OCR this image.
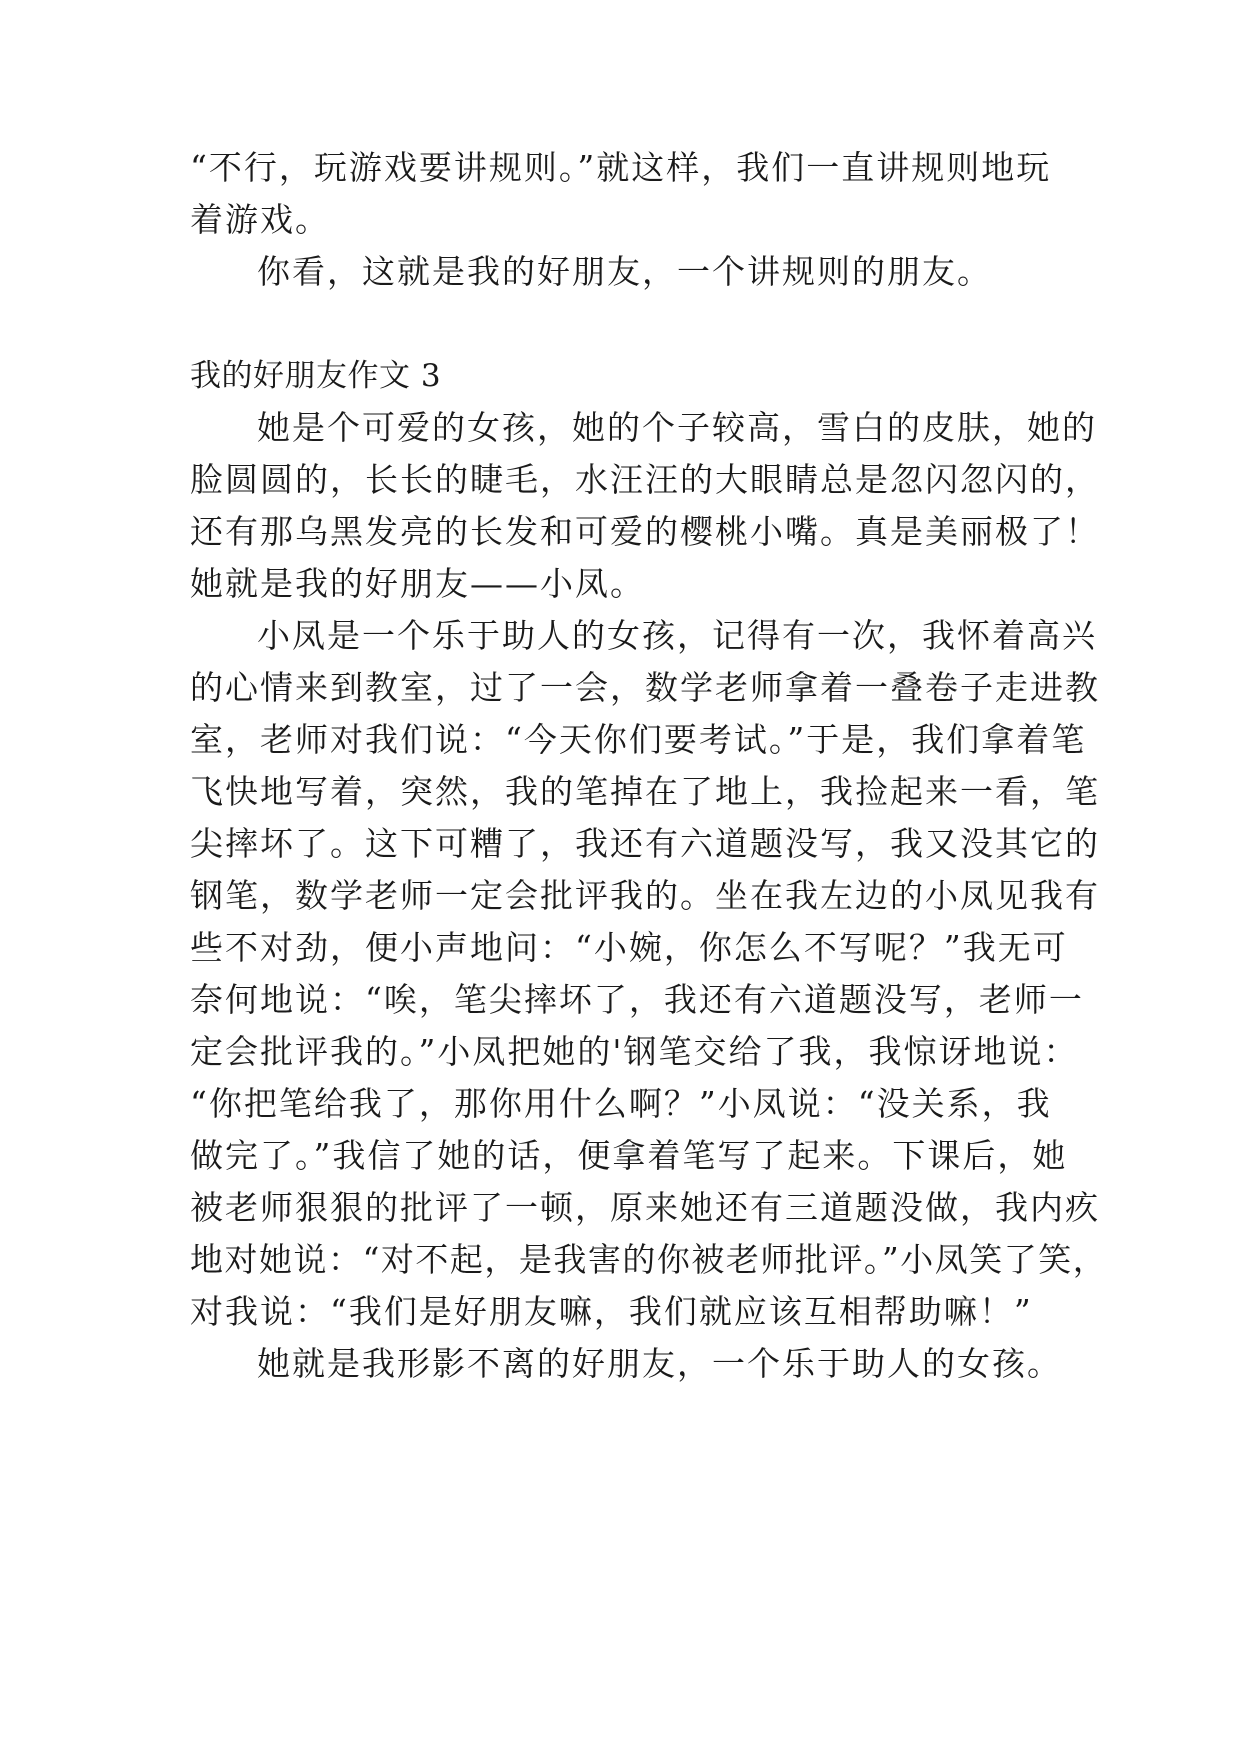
“不行，玩游戏要讲规则。”就这样，我们一直讲规则地玩
着游戏。
你看，这就是我的好朋友，一个讲规则的朋友。
我的好朋友作文 3
她是个可爱的女孩，她的个子较高，雪白的皮肤，她的
脸圆圆的，长长的睫毛，水汪汪的大眼睛总是忽闪忽闪的，
还有那乌黑发亮的长发和可爱的樱桃小嘴。真是美丽极了！
她就是我的好朋友——小凤。
小凤是一个乐于助人的女孩，记得有一次，我怀着高兴
的心情来到教室，过了一会，数学老师拿着一叠卷子走进教
室，老师对我们说：“今天你们要考试。”于是，我们拿着笔
飞快地写着，突然，我的笔掉在了地上，我捡起来一看，笔
尖摔坏了。这下可糟了，我还有六道题没写，我又没其它的
钢笔，数学老师一定会批评我的。坐在我左边的小凤见我有
些不对劲，便小声地问：“小婉，你怎么不写呢？”我无可
奈何地说：“唉，笔尖摔坏了，我还有六道题没写，老师一
定会批评我的。”小凤把她的'钢笔交给了我，我惊讶地说：
“你把笔给我了，那你用什么啊？”小凤说：“没关系，我
做完了。”我信了她的话，便拿着笔写了起来。下课后，她
被老师狠狠的批评了一顿，原来她还有三道题没做，我内疚
地对她说：“对不起，是我害的你被老师批评。”小凤笑了笑，
对我说：“我们是好朋友嘛，我们就应该互相帮助嘛！”
她就是我形影不离的好朋友，一个乐于助人的女孩。
